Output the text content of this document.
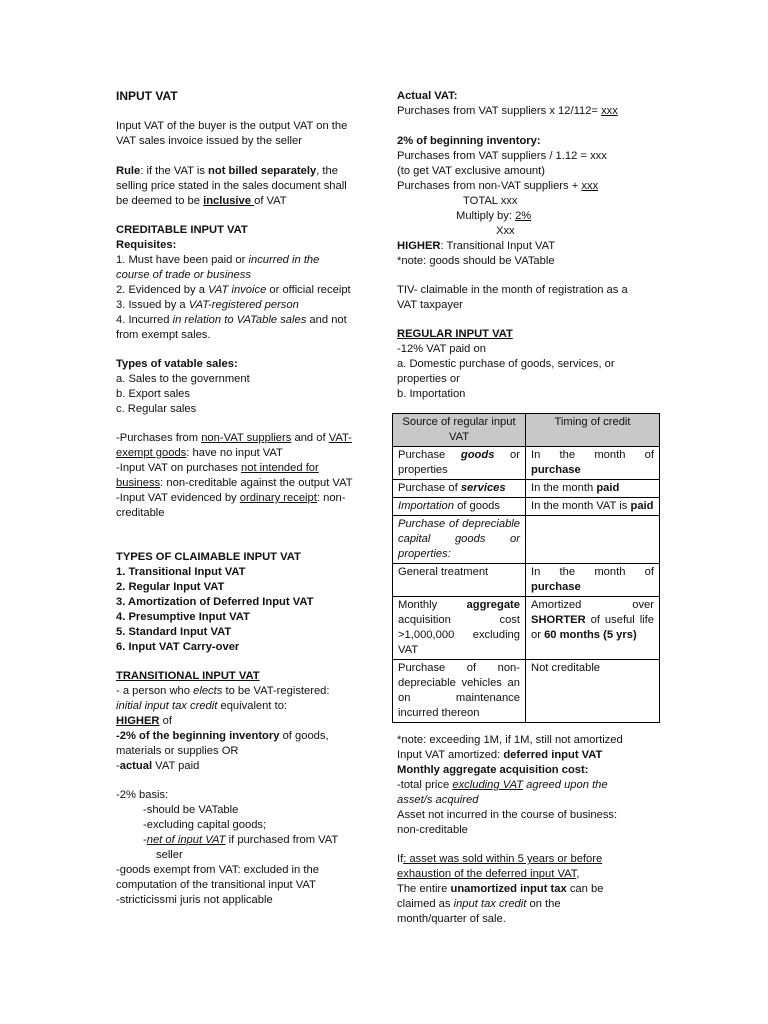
INPUT VAT
Input VAT of the buyer is the output VAT on the
VAT sales invoice issued by the seller
Rule: if the VAT is not billed separately, the
selling price stated in the sales document shall
be deemed to be inclusive of VAT
CREDITABLE INPUT VAT
Requisites:
1. Must have been paid or incurred in the
course of trade or business
2. Evidenced by a VAT invoice or official receipt
3. Issued by a VAT-registered person
4. Incurred in relation to VATable sales and not
from exempt sales.
Types of vatable sales:
a. Sales to the government
b. Export sales
c. Regular sales
-Purchases from non-VAT suppliers and of VAT-
exempt goods: have no input VAT
-Input VAT on purchases not intended for
business: non-creditable against the output VAT
-Input VAT evidenced by ordinary receipt: non-
creditable
TYPES OF CLAIMABLE INPUT VAT
1. Transitional Input VAT
2. Regular Input VAT
3. Amortization of Deferred Input VAT
4. Presumptive Input VAT
5. Standard Input VAT
6. Input VAT Carry-over
TRANSITIONAL INPUT VAT
- a person who elects to be VAT-registered:
initial input tax credit equivalent to:
HIGHER of
-2% of the beginning inventory of goods,
materials or supplies OR
-actual VAT paid
-2% basis:
-should be VATable
-excluding capital goods;
-net of input VAT if purchased from VAT
seller
-goods exempt from VAT: excluded in the
computation of the transitional input VAT
-stricticissmi juris not applicable
Actual VAT:
Purchases from VAT suppliers x 12/112= xxx
2% of beginning inventory:
Purchases from VAT suppliers / 1.12 = xxx
(to get VAT exclusive amount)
Purchases from non-VAT suppliers + xxx
TOTAL xxx
Multiply by: 2%
Xxx
HIGHER: Transitional Input VAT
*note: goods should be VATable
TIV- claimable in the month of registration as a
VAT taxpayer
REGULAR INPUT VAT
-12% VAT paid on
a. Domestic purchase of goods, services, or
properties or
b. Importation
*note: exceeding 1M, if 1M, still not amortized
Input VAT amortized: deferred input VAT
Monthly aggregate acquisition cost:
-total price excluding VAT agreed upon the
asset/s acquired
Asset not incurred in the course of business:
non-creditable
If: asset was sold within 5 years or before
exhaustion of the deferred input VAT,
The entire unamortized input tax can be
claimed as input tax credit on the
month/quarter of sale.
Source of regular input VAT	Timing of credit
Purchase goods or properties	In the month of purchase
Purchase of services	In the month paid
Importation of goods	In the month VAT is paid
Purchase of depreciable capital goods or properties:	
General treatment	In the month of purchase
Monthly aggregate acquisition cost >1,000,000 excluding VAT	Amortized over SHORTER of useful life or 60 months (5 yrs)
Purchase of non-depreciable vehicles an on maintenance incurred thereon	Not creditable
